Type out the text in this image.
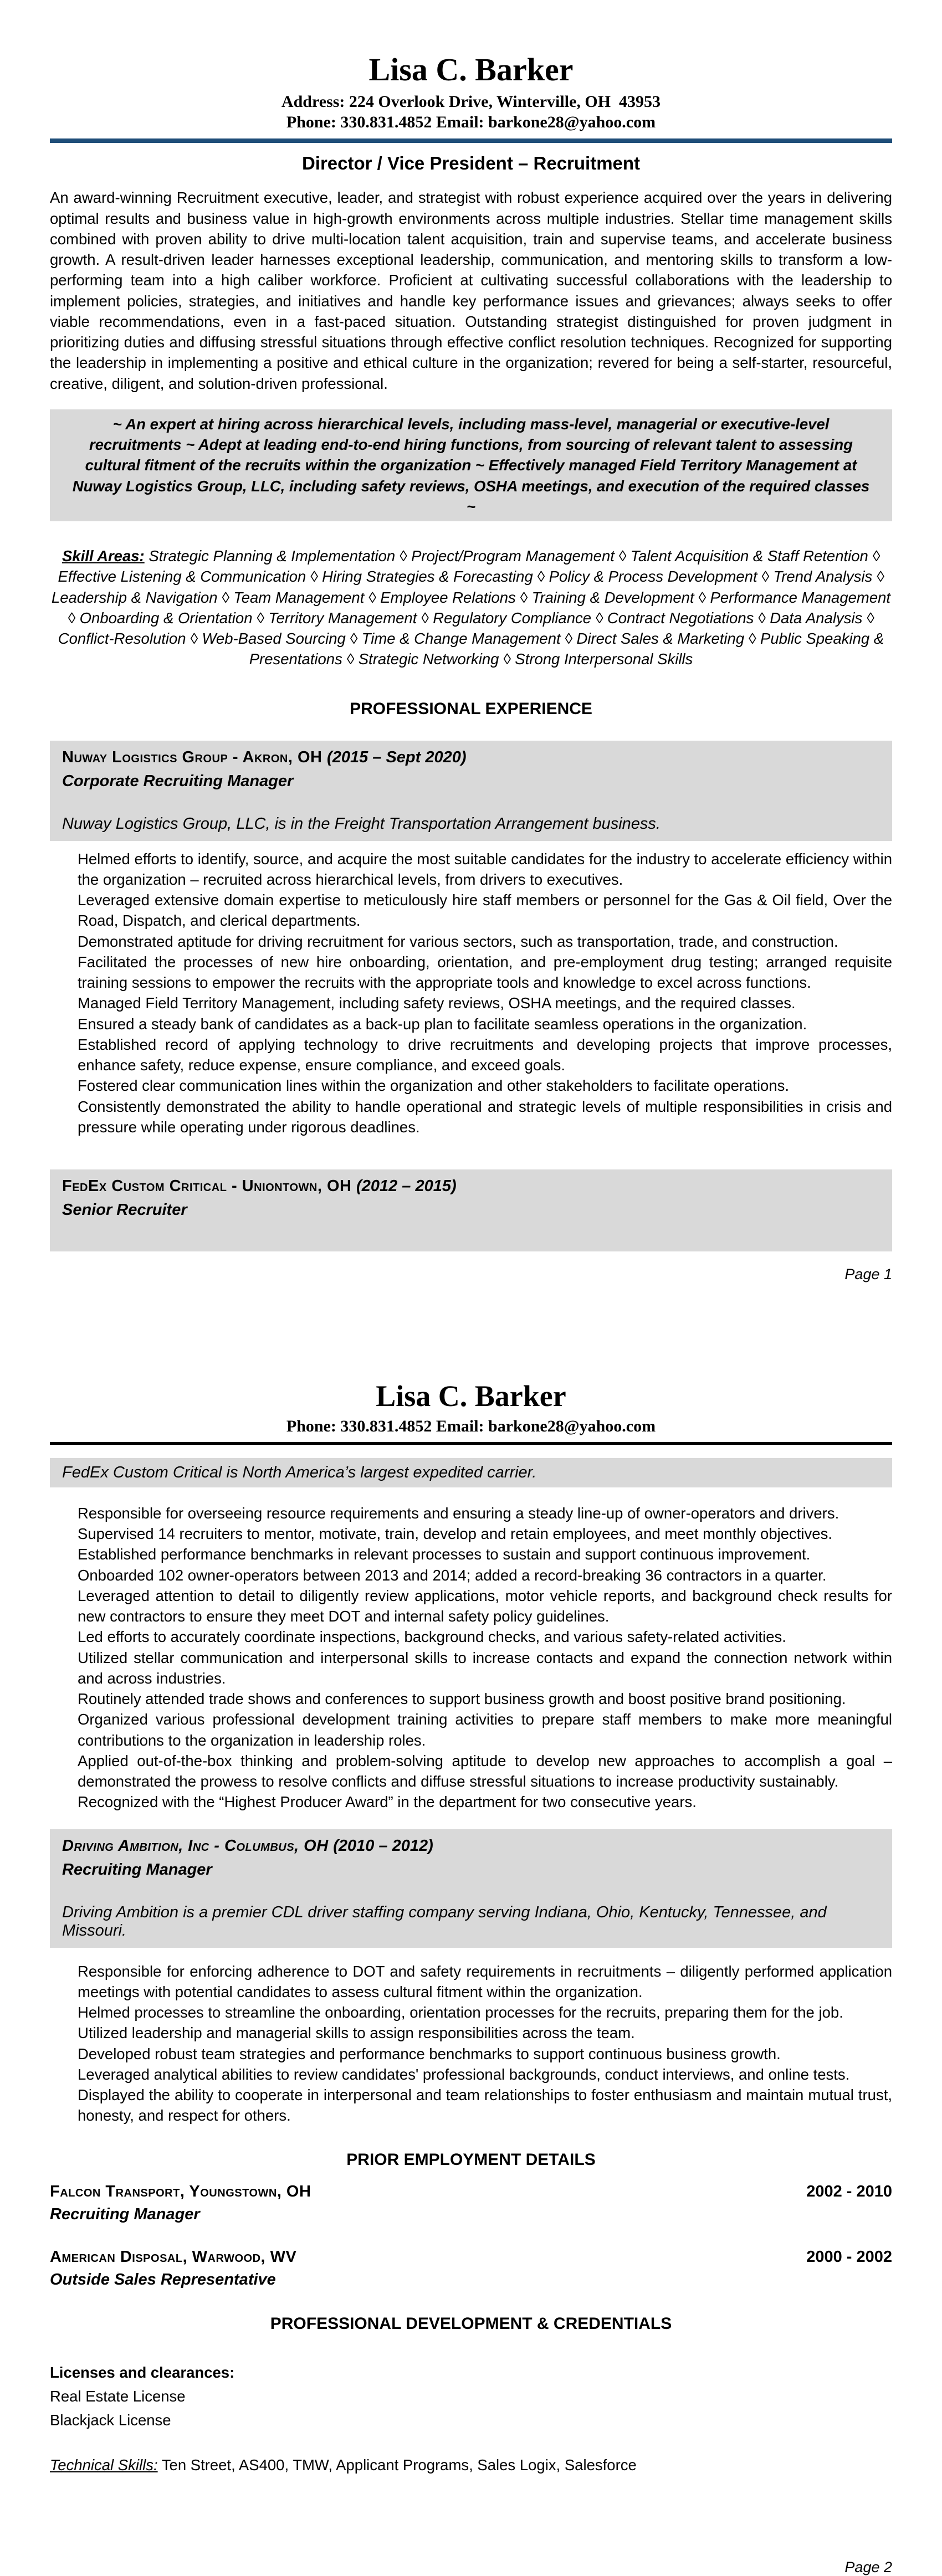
Lisa C. Barker
Address: 224 Overlook Drive, Winterville, OH  43953
Phone: 330.831.4852 Email: barkone28@yahoo.com
Director / Vice President – Recruitment

An award-winning Recruitment executive, leader, and strategist with robust experience acquired over the years in delivering optimal results and business value in high-growth environments across multiple industries. Stellar time management skills combined with proven ability to drive multi-location talent acquisition, train and supervise teams, and accelerate business growth. A result-driven leader harnesses exceptional leadership, communication, and mentoring skills to transform a low-performing team into a high caliber workforce. Proficient at cultivating successful collaborations with the leadership to implement policies, strategies, and initiatives and handle key performance issues and grievances; always seeks to offer viable recommendations, even in a fast-paced situation. Outstanding strategist distinguished for proven judgment in prioritizing duties and diffusing stressful situations through effective conflict resolution techniques. Recognized for supporting the leadership in implementing a positive and ethical culture in the organization; revered for being a self-starter, resourceful, creative, diligent, and solution-driven professional.

~ An expert at hiring across hierarchical levels, including mass-level, managerial or executive-level recruitments ~ Adept at leading end-to-end hiring functions, from sourcing of relevant talent to assessing cultural fitment of the recruits within the organization ~ Effectively managed Field Territory Management at Nuway Logistics Group, LLC, including safety reviews, OSHA meetings, and execution of the required classes ~
Skill Areas: Strategic Planning & Implementation ◊ Project/Program Management ◊ Talent Acquisition & Staff Retention ◊ Effective Listening & Communication ◊ Hiring Strategies & Forecasting ◊ Policy & Process Development ◊ Trend Analysis ◊ Leadership & Navigation ◊ Team Management ◊ Employee Relations ◊ Training & Development ◊ Performance Management ◊ Onboarding & Orientation ◊ Territory Management ◊ Regulatory Compliance ◊ Contract Negotiations ◊ Data Analysis ◊ Conflict-Resolution ◊ Web-Based Sourcing ◊ Time & Change Management ◊ Direct Sales & Marketing ◊ Public Speaking & Presentations ◊ Strategic Networking ◊ Strong Interpersonal Skills
PROFESSIONAL EXPERIENCE
Nuway Logistics Group - Akron, OH (2015 – Sept 2020)
Corporate Recruiting Manager
Nuway Logistics Group, LLC, is in the Freight Transportation Arrangement business.

Helmed efforts to identify, source, and acquire the most suitable candidates for the industry to accelerate efficiency within the organization – recruited across hierarchical levels, from drivers to executives.

Leveraged extensive domain expertise to meticulously hire staff members or personnel for the Gas & Oil field, Over the Road, Dispatch, and clerical departments.

Demonstrated aptitude for driving recruitment for various sectors, such as transportation, trade, and construction.

Facilitated the processes of new hire onboarding, orientation, and pre-employment drug testing; arranged requisite training sessions to empower the recruits with the appropriate tools and knowledge to excel across functions.

Managed Field Territory Management, including safety reviews, OSHA meetings, and the required classes.

Ensured a steady bank of candidates as a back-up plan to facilitate seamless operations in the organization.

Established record of applying technology to drive recruitments and developing projects that improve processes, enhance safety, reduce expense, ensure compliance, and exceed goals.

Fostered clear communication lines within the organization and other stakeholders to facilitate operations.

Consistently demonstrated the ability to handle operational and strategic levels of multiple responsibilities in crisis and pressure while operating under rigorous deadlines.

FedEx Custom Critical - Uniontown, OH (2012 – 2015)
Senior Recruiter
Page 1
Lisa C. Barker
Phone: 330.831.4852 Email: barkone28@yahoo.com
FedEx Custom Critical is North America’s largest expedited carrier.

Responsible for overseeing resource requirements and ensuring a steady line-up of owner-operators and drivers.

Supervised 14 recruiters to mentor, motivate, train, develop and retain employees, and meet monthly objectives.

Established performance benchmarks in relevant processes to sustain and support continuous improvement.

Onboarded 102 owner-operators between 2013 and 2014; added a record-breaking 36 contractors in a quarter.

Leveraged attention to detail to diligently review applications, motor vehicle reports, and background check results for new contractors to ensure they meet DOT and internal safety policy guidelines.

Led efforts to accurately coordinate inspections, background checks, and various safety-related activities.

Utilized stellar communication and interpersonal skills to increase contacts and expand the connection network within and across industries.

Routinely attended trade shows and conferences to support business growth and boost positive brand positioning.

Organized various professional development training activities to prepare staff members to make more meaningful contributions to the organization in leadership roles.

Applied out-of-the-box thinking and problem-solving aptitude to develop new approaches to accomplish a goal – demonstrated the prowess to resolve conflicts and diffuse stressful situations to increase productivity sustainably.

Recognized with the “Highest Producer Award” in the department for two consecutive years.

Driving Ambition, Inc - Columbus, OH (2010 – 2012)
Recruiting Manager
Driving Ambition is a premier CDL driver staffing company serving Indiana, Ohio, Kentucky, Tennessee, and Missouri.

Responsible for enforcing adherence to DOT and safety requirements in recruitments – diligently performed application meetings with potential candidates to assess cultural fitment within the organization.

Helmed processes to streamline the onboarding, orientation processes for the recruits, preparing them for the job.

Utilized leadership and managerial skills to assign responsibilities across the team.

Developed robust team strategies and performance benchmarks to support continuous business growth.

Leveraged analytical abilities to review candidates' professional backgrounds, conduct interviews, and online tests.

Displayed the ability to cooperate in interpersonal and team relationships to foster enthusiasm and maintain mutual trust, honesty, and respect for others.

PRIOR EMPLOYMENT DETAILS
Falcon Transport, Youngstown, OH
Recruiting Manager
2002 - 2010
American Disposal, Warwood, WV
Outside Sales Representative
2000 - 2002
PROFESSIONAL DEVELOPMENT & CREDENTIALS
Licenses and clearances:
Real Estate License
Blackjack License
Technical Skills: Ten Street, AS400, TMW, Applicant Programs, Sales Logix, Salesforce
Page 2
